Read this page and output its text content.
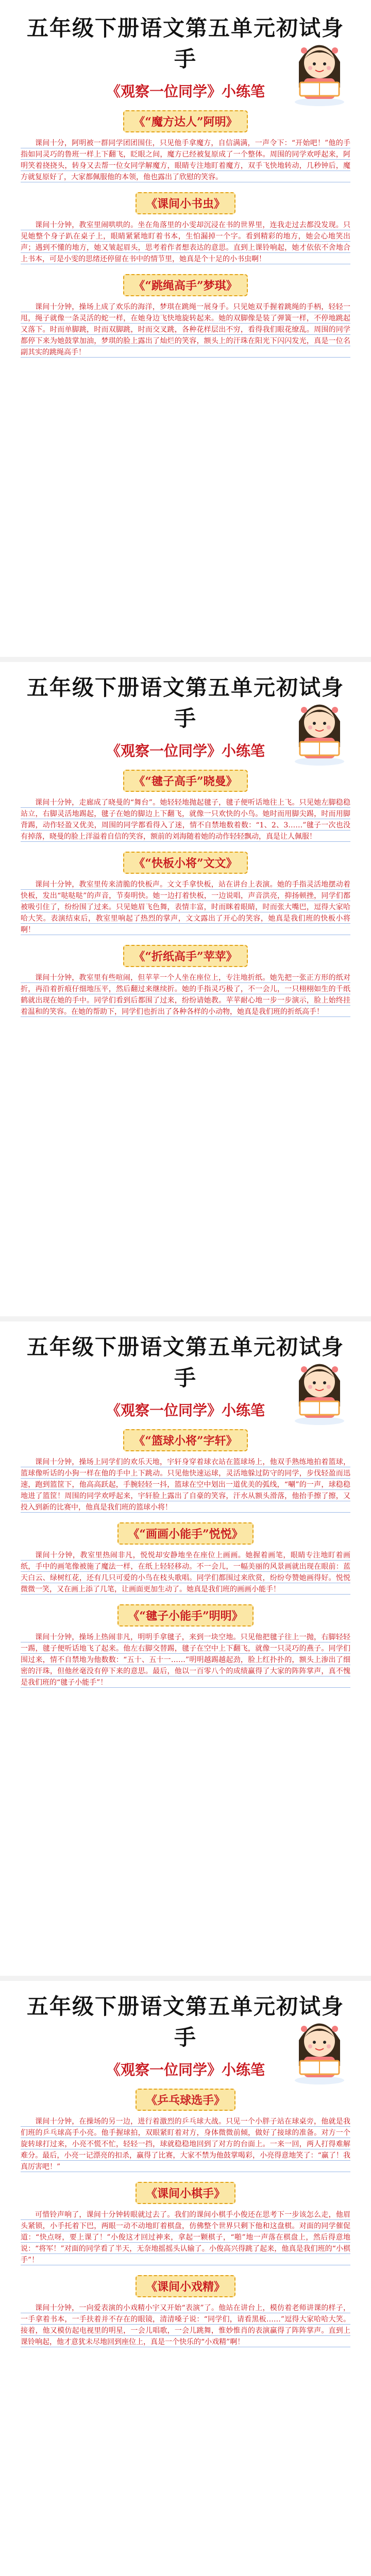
五年级下册语文第五单元初试身手
《观察一位同学》小练笔
《“魔方达人”阿明》

课间十分，阿明被一群同学团团围住，只见他手拿魔方，自信满满，一声令下：“开始吧！”他的手指如同灵巧的鲁班一样上下翻飞，眨眼之间，魔方已经被复原成了一个整体。周围的同学欢呼起来，阿明笑着挠挠头，转身又去帮一位女同学解魔方，眼睛专注地盯着魔方，双手飞快地转动，几秒钟后，魔方就复原好了，大家都佩服他的本领，他也露出了欣慰的笑容。

《课间小书虫》

课间十分钟，教室里闹哄哄的。坐在角落里的小雯却沉浸在书的世界里，连我走过去都没发现。只见她整个身子趴在桌子上，眼睛紧紧地盯着书本，生怕漏掉一个字。看到精彩的地方，她会心地笑出声；遇到不懂的地方，她又皱起眉头，思考着作者想表达的意思。直到上课铃响起，她才依依不舍地合上书本，可是小雯的思绪还停留在书中的情节里，她真是个十足的小书虫啊！

《“跳绳高手”梦琪》

课间十分钟，操场上成了欢乐的海洋，梦琪在跳绳一展身手。只见她双手握着跳绳的手柄，轻轻一甩，绳子就像一条灵活的蛇一样，在她身边飞快地旋转起来。她的双脚像是装了弹簧一样，不停地跳起又落下。时而单脚跳，时而双脚跳，时而交叉跳，各种花样层出不穷，看得我们眼花缭乱。周围的同学都停下来为她鼓掌加油，梦琪的脸上露出了灿烂的笑容，额头上的汗珠在阳光下闪闪发光，真是一位名副其实的跳绳高手！

五年级下册语文第五单元初试身手
《观察一位同学》小练笔
《“毽子高手”晓曼》

课间十分钟，走廊成了晓曼的“舞台”。她轻轻地抛起毽子，毽子便听话地往上飞。只见她左脚稳稳站立，右脚灵活地踢起，毽子在她的脚边上下翻飞，就像一只欢快的小鸟。她时而用脚尖踢，时而用脚背踢，动作轻盈又优美，周围的同学都看得入了迷，情不自禁地数着数：“1、2、3……”毽子一次也没有掉落，晓曼的脸上洋溢着自信的笑容，额前的刘海随着她的动作轻轻飘动，真是让人佩服！

《“快板小将”文文》

课间十分钟，教室里传来清脆的快板声。文文手拿快板，站在讲台上表演。她的手指灵活地摆动着快板，发出“哒哒哒”的声音，节奏明快。她一边打着快板，一边说唱，声音洪亮，抑扬顿挫，同学们都被吸引住了，纷纷围了过来。只见她眉飞色舞，表情丰富，时而眯着眼睛，时而张大嘴巴，逗得大家哈哈大笑。表演结束后，教室里响起了热烈的掌声，文文露出了开心的笑容，她真是我们班的快板小将啊！

《“折纸高手”苹苹》

课间十分钟，教室里有些喧闹，但苹苹一个人坐在座位上，专注地折纸。她先把一张正方形的纸对折，再沿着折痕仔细地压平，然后翻过来继续折。她的手指灵巧极了，不一会儿，一只栩栩如生的千纸鹤就出现在她的手中。同学们看到后都围了过来，纷纷请她教。苹苹耐心地一步一步演示，脸上始终挂着温和的笑容。在她的帮助下，同学们也折出了各种各样的小动物，她真是我们班的折纸高手！

五年级下册语文第五单元初试身手
《观察一位同学》小练笔
《“篮球小将”字轩》

课间十分钟，操场上同学们的欢乐天地，宇轩身穿着球衣站在篮球场上，他双手熟练地拍着篮球，篮球像听话的小狗一样在他的手中上下跳动。只见他快速运球，灵活地躲过防守的同学，步伐轻盈而迅速，跑到篮筐下，他高高跃起，手腕轻轻一抖，篮球在空中划出一道优美的弧线，“唰”的一声，球稳稳地进了篮筐！周围的同学欢呼起来，宇轩脸上露出了自豪的笑容，汗水从额头滑落，他抬手擦了擦，又投入到新的比赛中，他真是我们班的篮球小将！

《“画画小能手”悦悦》

课间十分钟，教室里热闹非凡，悦悦却安静地坐在座位上画画。她握着画笔，眼睛专注地盯着画纸，手中的画笔像被施了魔法一样，在纸上轻轻移动。不一会儿，一幅美丽的风景画就出现在眼前：蓝天白云、绿树红花，还有几只可爱的小鸟在枝头歌唱。同学们都围过来欣赏，纷纷夸赞她画得好。悦悦微微一笑，又在画上添了几笔，让画面更加生动了。她真是我们班的画画小能手！

《“毽子小能手”明明》

课间十分钟，操场上热闹非凡，明明手拿毽子，来到一块空地。只见他把毽子往上一抛，右脚轻轻一踢，毽子便听话地飞了起来。他左右脚交替踢，毽子在空中上下翻飞，就像一只灵巧的燕子。同学们围过来，情不自禁地为他数数：“五十、五十一……”明明越踢越起劲，脸上红扑扑的，额头上渗出了细密的汗珠，但他丝毫没有停下来的意思。最后，他以一百零八个的成绩赢得了大家的阵阵掌声，真不愧是我们班的“毽子小能手”！

五年级下册语文第五单元初试身手
《观察一位同学》小练笔
《乒乓球选手》

课间十分钟，在操场的另一边，进行着激烈的乒乓球大战。只见一个小胖子站在球桌旁，他就是我们班的乒乓球高手小亮。他手握球拍，双眼紧盯着对方，身体微微前倾，做好了接球的准备。对方一个旋转球打过来，小亮不慌不忙，轻轻一挡，球就稳稳地回到了对方的台面上。一来一回，两人打得难解难分。最后，小亮一记漂亮的扣杀，赢得了比赛，大家不禁为他鼓掌喝彩，小亮得意地笑了：“赢了！我真厉害吧！”

《课间小棋手》

可惜铃声响了，课间十分钟转眼就过去了。我们的课间小棋手小俊还在思考下一步该怎么走，他眉头紧锁，小手托着下巴，两眼一动不动地盯着棋盘，仿佛整个世界只剩下他和这盘棋。对面的同学催促道：“快点呀，要上课了！”小俊这才回过神来，拿起一颗棋子，“啪”地一声落在棋盘上，然后得意地说：“将军！”对面的同学看了半天，无奈地摇摇头认输了。小俊高兴得跳了起来，他真是我们班的“小棋手”！

《课间小戏精》

课间十分钟，一向爱表演的小戏精小宇又开始“表演”了。他站在讲台上，模仿着老师讲课的样子，一手拿着书本，一手扶着并不存在的眼镜，清清嗓子说：“同学们，请看黑板……”逗得大家哈哈大笑。接着，他又模仿起电视里的明星，一会儿唱歌，一会儿跳舞，惟妙惟肖的表演赢得了阵阵掌声。直到上课铃响起，他才意犹未尽地回到座位上，真是一个快乐的“小戏精”啊！
